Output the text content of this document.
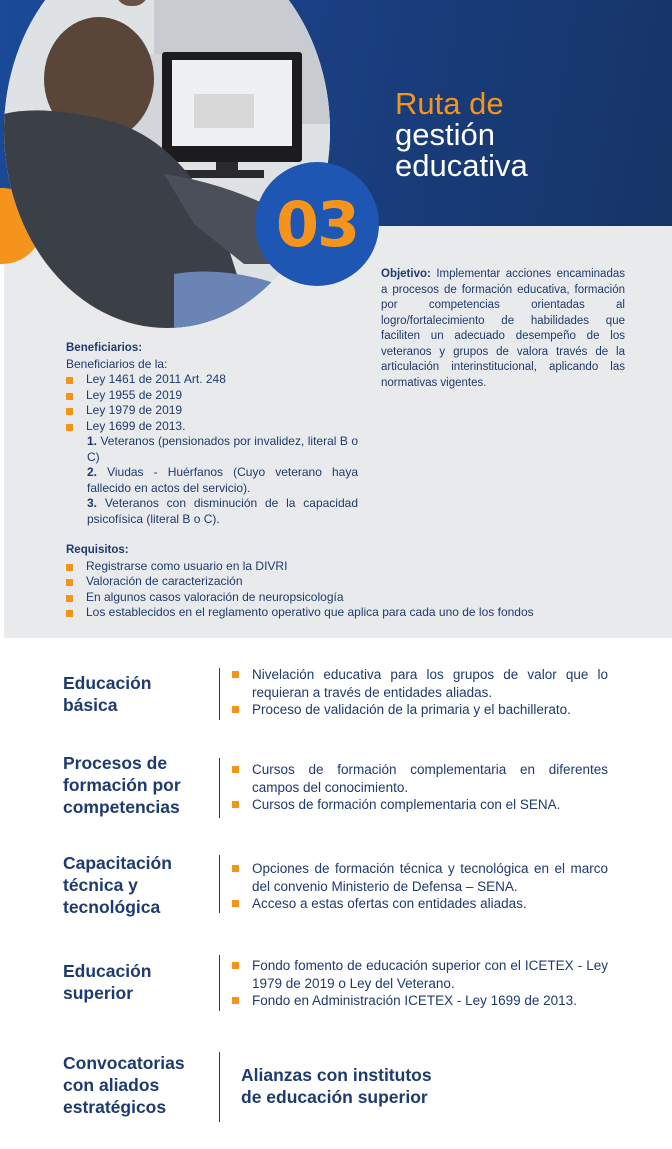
03
Ruta de
gestión
educativa

Objetivo: Implementar acciones encaminadas a procesos de formación educativa, formación por competencias orientadas al logro/fortalecimiento de habilidades que faciliten un adecuado desempeño de los veteranos y grupos de valora través de la articulación interinstitucional, aplicando las normativas vigentes.

Beneficiarios:
Beneficiarios de la:
Ley 1461 de 2011 Art. 248
Ley 1955 de 2019
Ley 1979 de 2019
Ley 1699 de 2013.
1. Veteranos (pensionados por invalidez, literal B o C)
2. Viudas - Huérfanos (Cuyo veterano haya fallecido en actos del servicio).
3. Veteranos con disminución de la capacidad psicofísica (literal B o C).
Requisitos:
Registrarse como usuario en la DIVRI
Valoración de caracterización
En algunos casos valoración de neuropsicología
Los establecidos en el reglamento operativo que aplica para cada uno de los fondos
Educación
básica
Nivelación educativa para los grupos de valor que lo requieran a través de entidades aliadas.
Proceso de validación de la primaria y el bachillerato.
Procesos de
formación por
competencias
Cursos de formación complementaria en diferentes campos del conocimiento.
Cursos de formación complementaria con el SENA.
Capacitación
técnica y
tecnológica
Opciones de formación técnica y tecnológica en el marco del convenio Ministerio de Defensa – SENA.
Acceso a estas ofertas con entidades aliadas.
Educación
superior
Fondo fomento de educación superior con el ICETEX - Ley 1979 de 2019 o Ley del Veterano.
Fondo en Administración ICETEX - Ley 1699 de 2013.
Convocatorias
con aliados
estratégicos
Alianzas con institutos
de educación superior
